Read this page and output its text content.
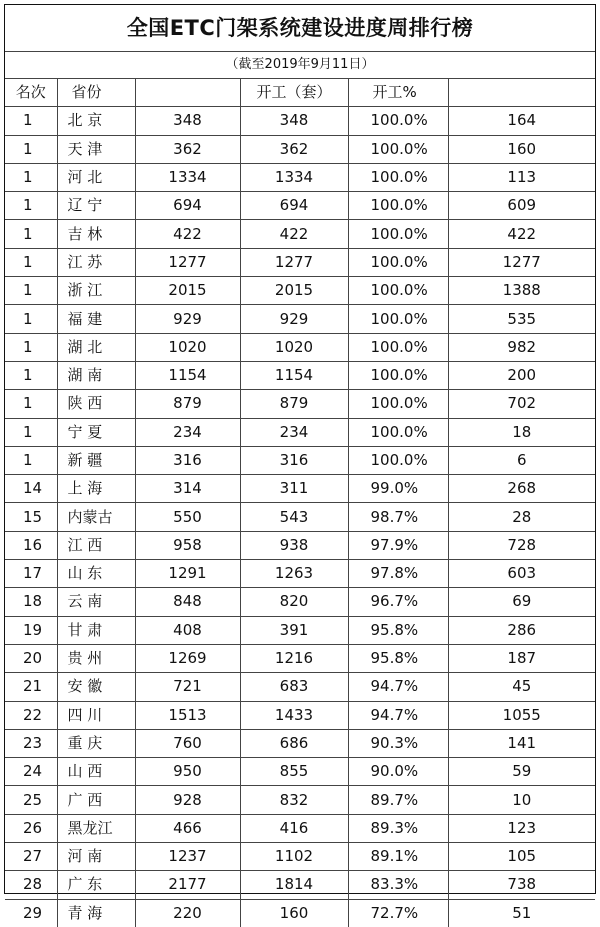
全国ETC门架系统建设进度周排行榜
（截至2019年9月11日）
名次	省份		开工（套）	开工%	
1	北 京	348	348	100.0%	164
1	天 津	362	362	100.0%	160
1	河 北	1334	1334	100.0%	113
1	辽 宁	694	694	100.0%	609
1	吉 林	422	422	100.0%	422
1	江 苏	1277	1277	100.0%	1277
1	浙 江	2015	2015	100.0%	1388
1	福 建	929	929	100.0%	535
1	湖 北	1020	1020	100.0%	982
1	湖 南	1154	1154	100.0%	200
1	陕 西	879	879	100.0%	702
1	宁 夏	234	234	100.0%	18
1	新 疆	316	316	100.0%	6
14	上 海	314	311	99.0%	268
15	内蒙古	550	543	98.7%	28
16	江 西	958	938	97.9%	728
17	山 东	1291	1263	97.8%	603
18	云 南	848	820	96.7%	69
19	甘 肃	408	391	95.8%	286
20	贵 州	1269	1216	95.8%	187
21	安 徽	721	683	94.7%	45
22	四 川	1513	1433	94.7%	1055
23	重 庆	760	686	90.3%	141
24	山 西	950	855	90.0%	59
25	广 西	928	832	89.7%	10
26	黑龙江	466	416	89.3%	123
27	河 南	1237	1102	89.1%	105
28	广 东	2177	1814	83.3%	738
29	青 海	220	160	72.7%	51
